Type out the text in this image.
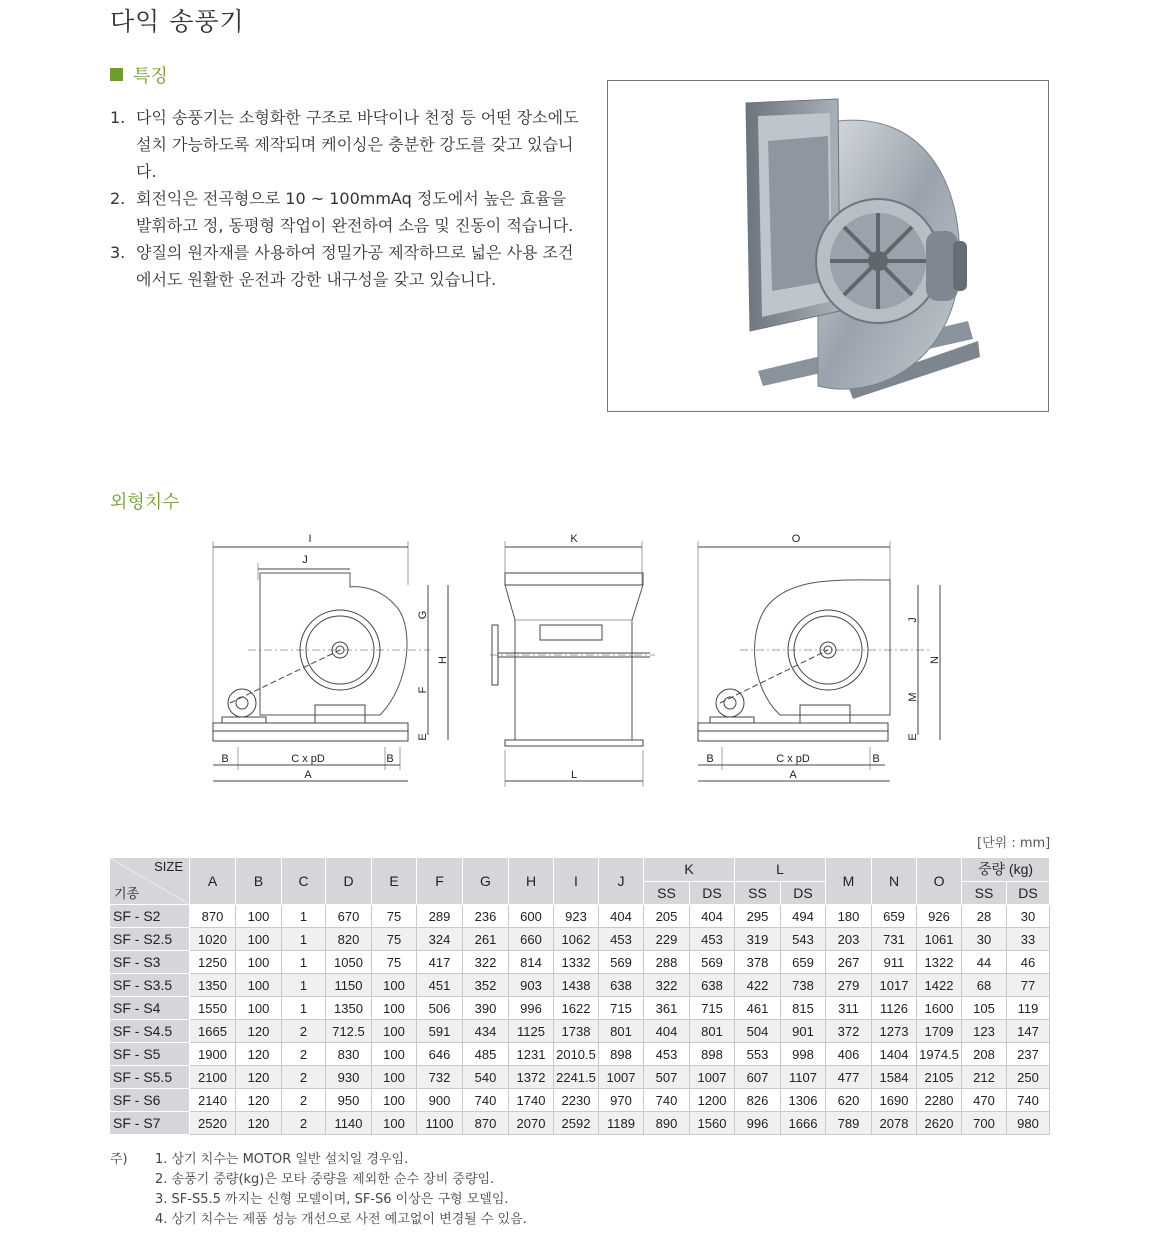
다익 송풍기
특징
1. 다익 송풍기는 소형화한 구조로 바닥이나 천정 등 어떤 장소에도 설치 가능하도록 제작되며 케이싱은 충분한 강도를 갖고 있습니다.
2. 회전익은 전곡형으로 10 ~ 100mmAq 정도에서 높은 효율을 발휘하고 정, 동평형 작업이 완전하여 소음 및 진동이 적습니다.
3. 양질의 원자재를 사용하여 정밀가공 제작하므로 넓은 사용 조건에서도 원활한 운전과 강한 내구성을 갖고 있습니다.
외형치수
I
J
G
H
F
E
B	C x pD	B
A
K
L
O
J
N
M
E
B	C x pD	B
A
[단위 : mm]
SIZE
기종	A	B	C	D	E	F	G	H	I	J	K		L		M	N	O	중량 (kg)	
											SS	DS	SS	DS				SS	DS
SF - S2	870	100	1	670	75	289	236	600	923	404	205	404	295	494	180	659	926	28	30
SF - S2.5	1020	100	1	820	75	324	261	660	1062	453	229	453	319	543	203	731	1061	30	33
SF - S3	1250	100	1	1050	75	417	322	814	1332	569	288	569	378	659	267	911	1322	44	46
SF - S3.5	1350	100	1	1150	100	451	352	903	1438	638	322	638	422	738	279	1017	1422	68	77
SF - S4	1550	100	1	1350	100	506	390	996	1622	715	361	715	461	815	311	1126	1600	105	119
SF - S4.5	1665	120	2	712.5	100	591	434	1125	1738	801	404	801	504	901	372	1273	1709	123	147
SF - S5	1900	120	2	830	100	646	485	1231	2010.5	898	453	898	553	998	406	1404	1974.5	208	237
SF - S5.5	2100	120	2	930	100	732	540	1372	2241.5	1007	507	1007	607	1107	477	1584	2105	212	250
SF - S6	2140	120	2	950	100	900	740	1740	2230	970	740	1200	826	1306	620	1690	2280	470	740
SF - S7	2520	120	2	1140	100	1100	870	2070	2592	1189	890	1560	996	1666	789	2078	2620	700	980
주) 1. 상기 치수는 MOTOR 일반 설치일 경우임.
2. 송풍기 중량(kg)은 모타 중량을 제외한 순수 장비 중량임.
3. SF-S5.5 까지는 신형 모델이며, SF-S6 이상은 구형 모델임.
4. 상기 치수는 제품 성능 개선으로 사전 예고없이 변경될 수 있음.
